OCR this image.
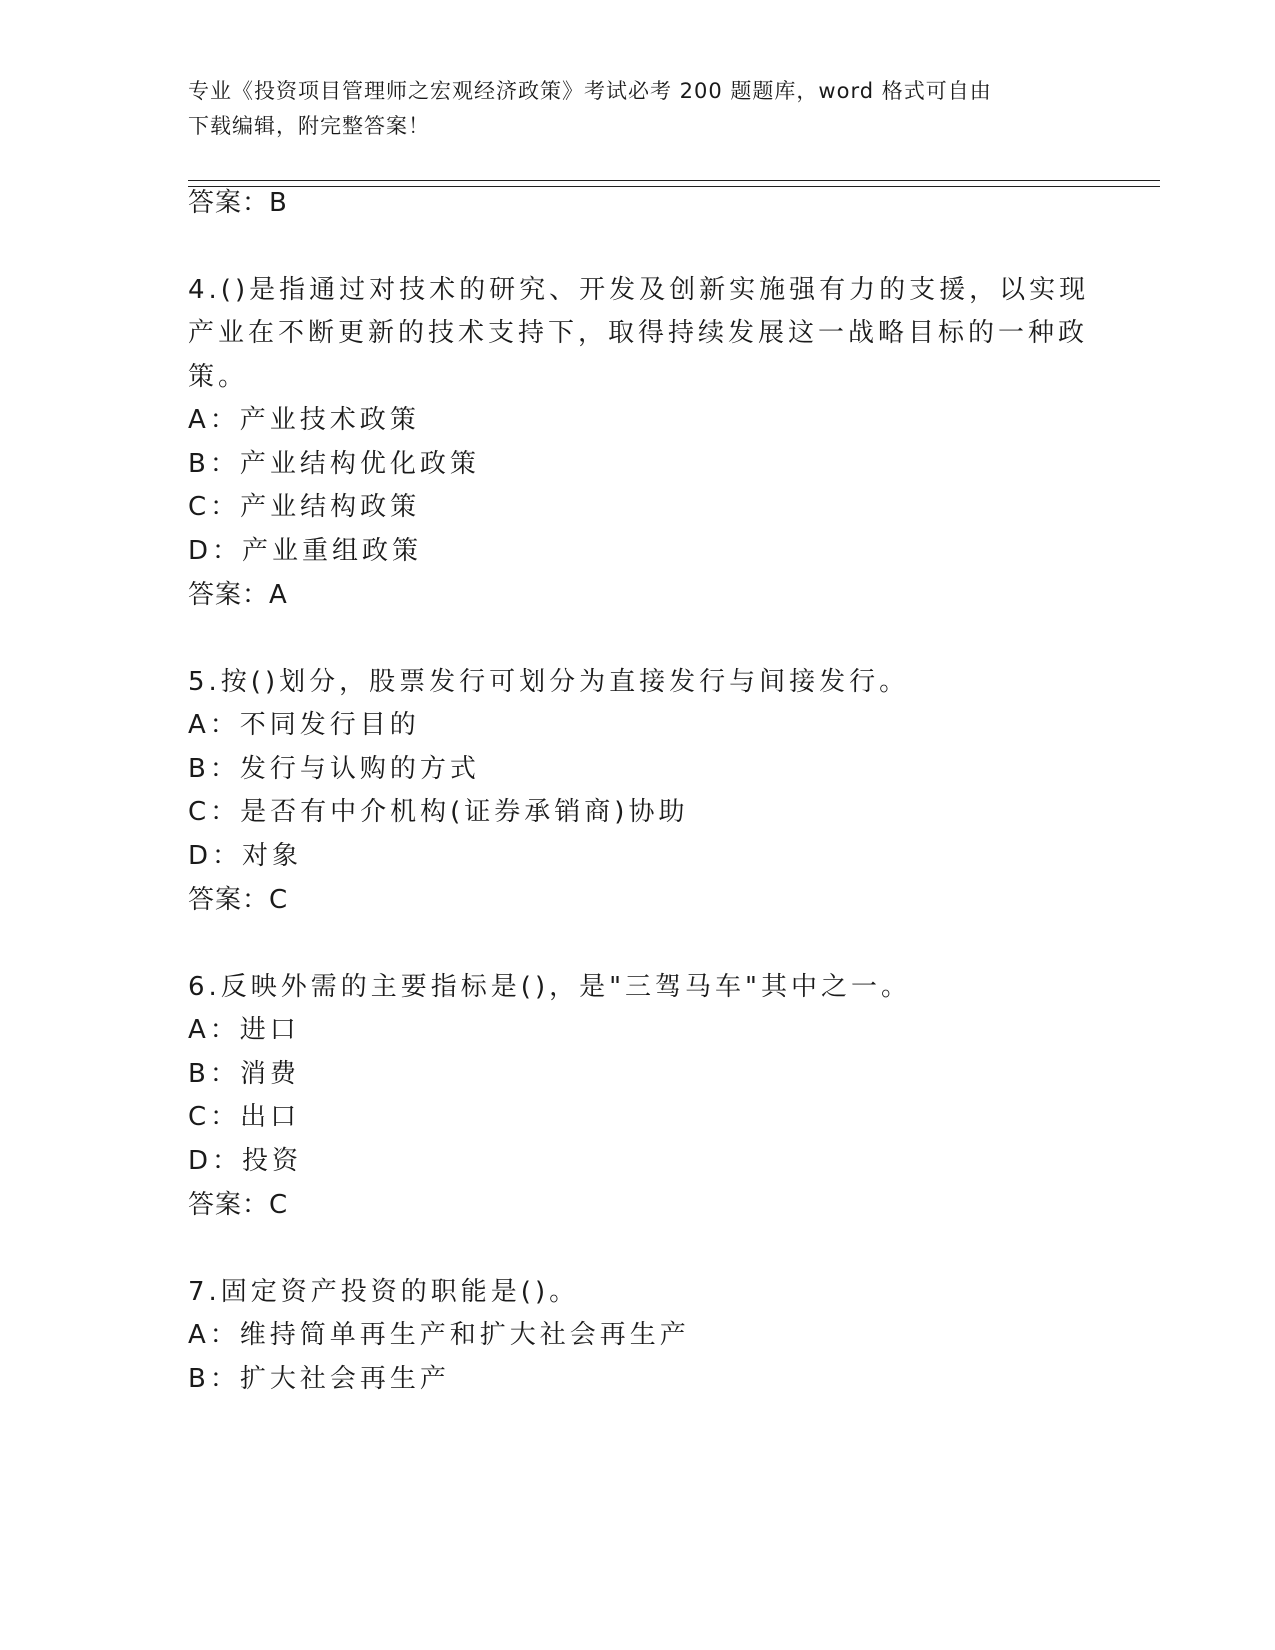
专业《投资项目管理师之宏观经济政策》考试必考 200 题题库，word 格式可自由
下载编辑，附完整答案！
答案：B
4.()是指通过对技术的研究、开发及创新实施强有力的支援，以实现
产业在不断更新的技术支持下，取得持续发展这一战略目标的一种政
策。
A：产业技术政策
B：产业结构优化政策
C：产业结构政策
D：产业重组政策
答案：A
5.按()划分，股票发行可划分为直接发行与间接发行。
A：不同发行目的
B：发行与认购的方式
C：是否有中介机构(证券承销商)协助
D：对象
答案：C
6.反映外需的主要指标是()，是"三驾马车"其中之一。
A：进口
B：消费
C：出口
D：投资
答案：C
7.固定资产投资的职能是()。
A：维持简单再生产和扩大社会再生产
B：扩大社会再生产
